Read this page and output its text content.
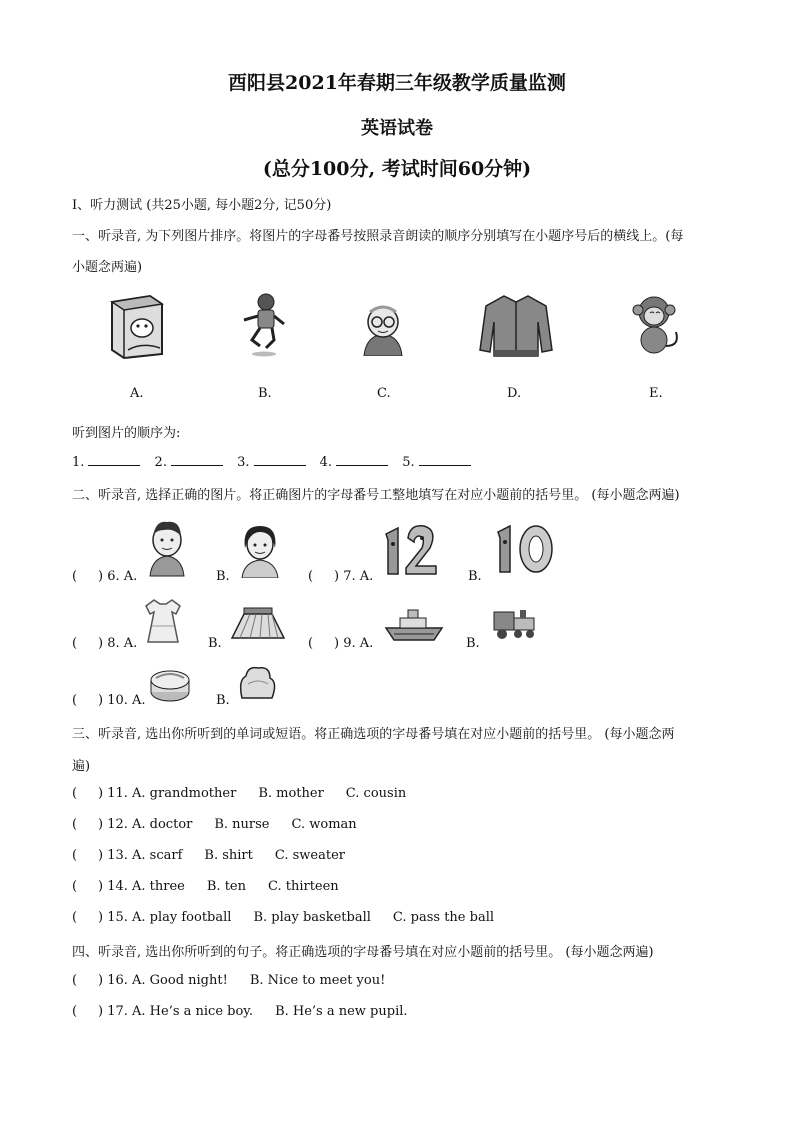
酉阳县2021年春期三年级教学质量监测
英语试卷
(总分100分, 考试时间60分钟)
I、听力测试 (共25小题, 每小题2分, 记50分)
一、听录音, 为下列图片排序。将图片的字母番号按照录音朗读的顺序分别填写在小题序号后的横线上。(每
小题念两遍)
A.	B.	C.	D.	E.
听到图片的顺序为:
1.	2.	3.	4.	5.
二、听录音, 选择正确的图片。将正确图片的字母番号工整地填写在对应小题前的括号里。 (每小题念两遍)
( ) 6. A.	B.	( ) 7. A.	B.
( ) 8. A.	B.	( ) 9. A.	B.
( ) 10. A.	B.
三、听录音, 选出你所听到的单词或短语。将正确选项的字母番号填在对应小题前的括号里。 (每小题念两
遍)
( ) 11. A. grandmother B. mother C. cousin
( ) 12. A. doctor B. nurse C. woman
( ) 13. A. scarf B. shirt C. sweater
( ) 14. A. three B. ten C. thirteen
( ) 15. A. play football B. play basketball C. pass the ball
四、听录音, 选出你所听到的句子。将正确选项的字母番号填在对应小题前的括号里。 (每小题念两遍)
( ) 16. A. Good night! B. Nice to meet you!
( ) 17. A. He’s a nice boy. B. He’s a new pupil.
